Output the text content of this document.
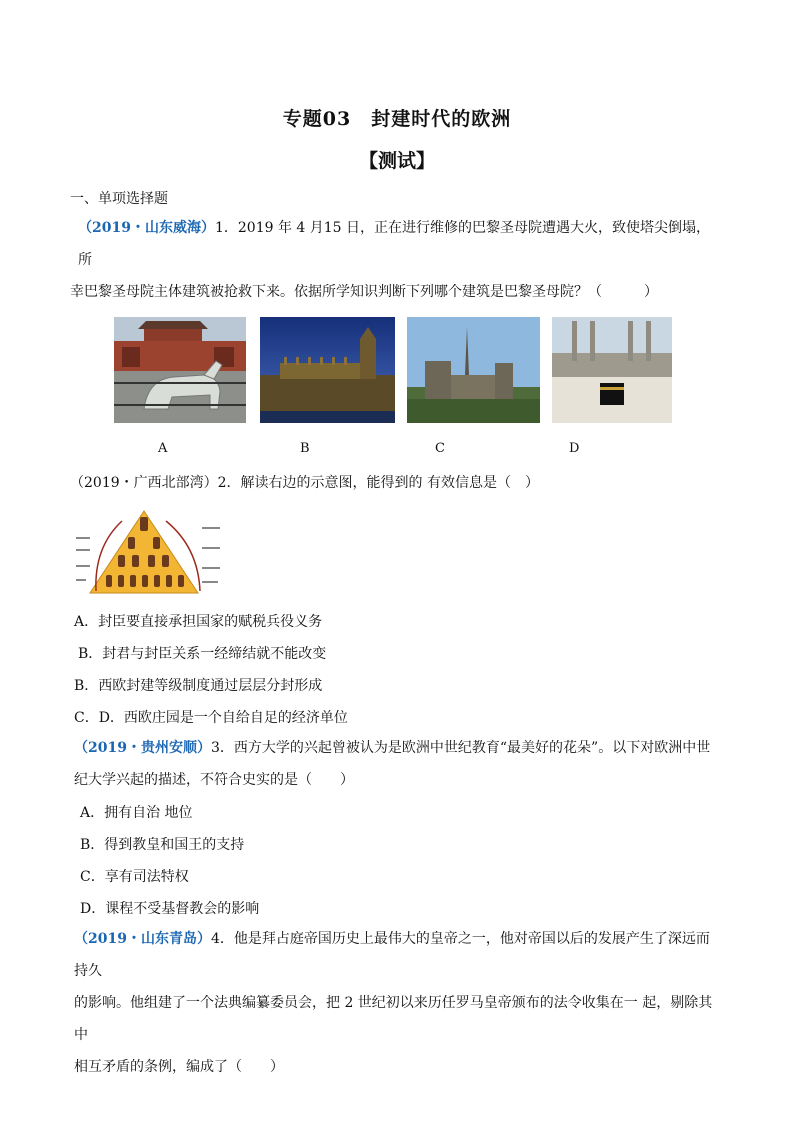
专题03　封建时代的欧洲
【测试】
一、单项选择题
（2019・山东威海）1．2019 年 4 月15 日，正在进行维修的巴黎圣母院遭遇大火，致使塔尖倒塌， 所
幸巴黎圣母院主体建筑被抢救下来。依据所学知识判断下列哪个建筑是巴黎圣母院？（　　　）
A	B	C	D
（2019・广西北部湾）2．解读右边的示意图，能得到的 有效信息是（　）
A．封臣要直接承担国家的赋税兵役义务
B．封君与封臣关系一经缔结就不能改变
B．西欧封建等级制度通过层层分封形成
C．D．西欧庄园是一个自给自足的经济单位
（2019・贵州安顺）3．西方大学的兴起曾被认为是欧洲中世纪教育“最美好的花朵”。以下对欧洲中世
纪大学兴起的描述，不符合史实的是（　　）
A．拥有自治 地位
B．得到教皇和国王的支持
C．享有司法特权
D．课程不受基督教会的影响
（2019・山东青岛）4．他是拜占庭帝国历史上最伟大的皇帝之一，他对帝国以后的发展产生了深远而持久
的影响。他组建了一个法典编纂委员会，把 2 世纪初以来历任罗马皇帝颁布的法令收集在一 起，剔除其中
相互矛盾的条例，编成了（　　）
